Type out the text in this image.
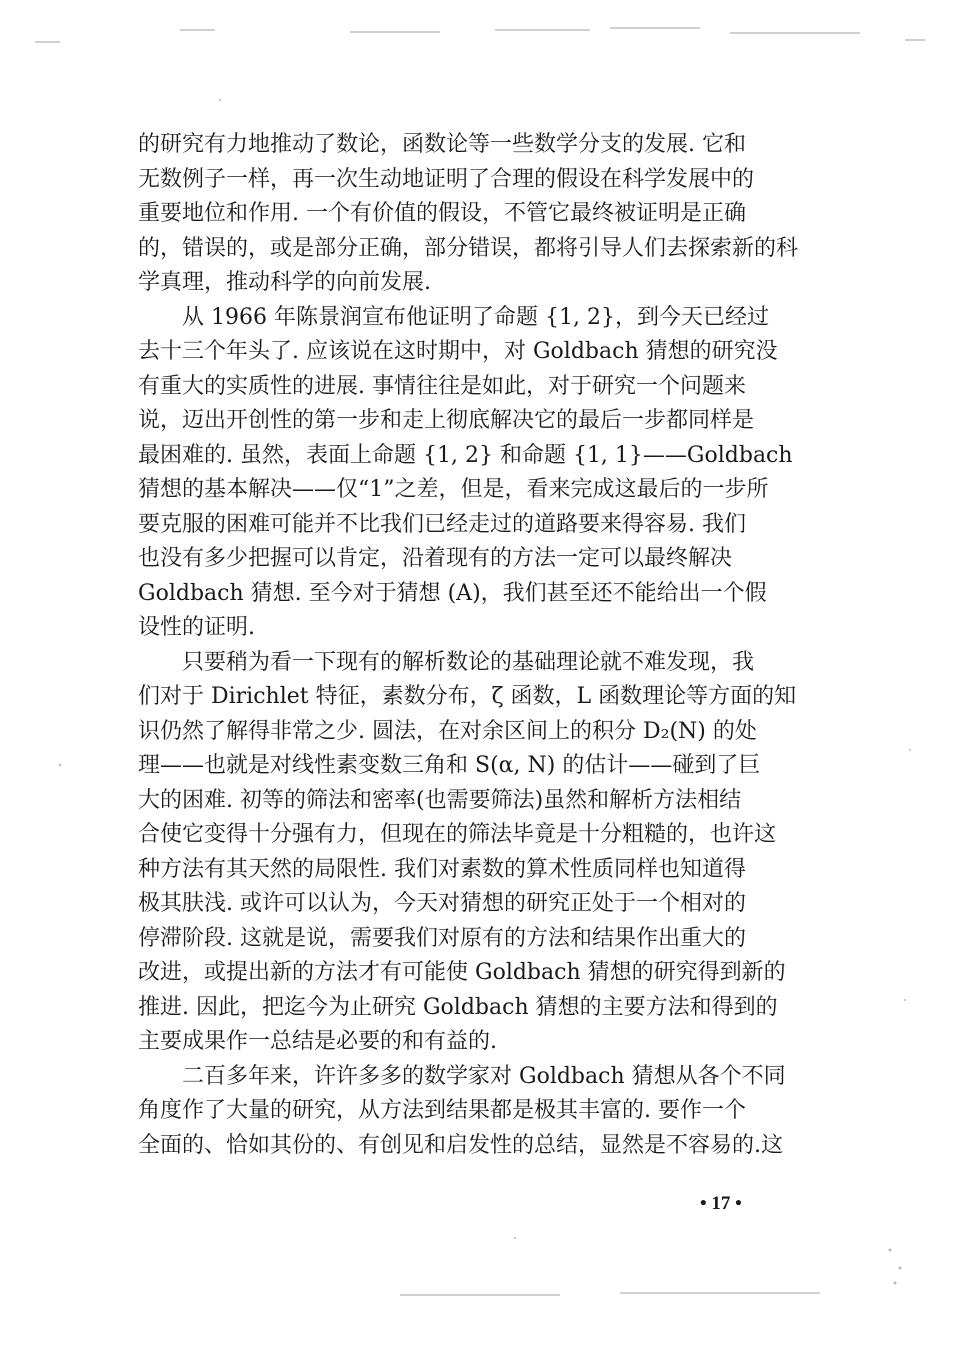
的研究有力地推动了数论，函数论等一些数学分支的发展. 它和
无数例子一样，再一次生动地证明了合理的假设在科学发展中的
重要地位和作用. 一个有价值的假设，不管它最终被证明是正确
的，错误的，或是部分正确，部分错误，都将引导人们去探索新的科
学真理，推动科学的向前发展.
从 1966 年陈景润宣布他证明了命题 {1, 2}，到今天已经过
去十三个年头了. 应该说在这时期中，对 Goldbach 猜想的研究没
有重大的实质性的进展. 事情往往是如此，对于研究一个问题来
说，迈出开创性的第一步和走上彻底解决它的最后一步都同样是
最困难的. 虽然，表面上命题 {1, 2} 和命题 {1, 1}——Goldbach
猜想的基本解决——仅“1”之差，但是，看来完成这最后的一步所
要克服的困难可能并不比我们已经走过的道路要来得容易. 我们
也没有多少把握可以肯定，沿着现有的方法一定可以最终解决
Goldbach 猜想. 至今对于猜想 (A)，我们甚至还不能给出一个假
设性的证明.
只要稍为看一下现有的解析数论的基础理论就不难发现，我
们对于 Dirichlet 特征，素数分布，ζ 函数，L 函数理论等方面的知
识仍然了解得非常之少. 圆法，在对余区间上的积分 D₂(N) 的处
理——也就是对线性素变数三角和 S(α, N) 的估计——碰到了巨
大的困难. 初等的筛法和密率(也需要筛法)虽然和解析方法相结
合使它变得十分强有力，但现在的筛法毕竟是十分粗糙的，也许这
种方法有其天然的局限性. 我们对素数的算术性质同样也知道得
极其肤浅. 或许可以认为，今天对猜想的研究正处于一个相对的
停滞阶段. 这就是说，需要我们对原有的方法和结果作出重大的
改进，或提出新的方法才有可能使 Goldbach 猜想的研究得到新的
推进. 因此，把迄今为止研究 Goldbach 猜想的主要方法和得到的
主要成果作一总结是必要的和有益的.
二百多年来，许许多多的数学家对 Goldbach 猜想从各个不同
角度作了大量的研究，从方法到结果都是极其丰富的. 要作一个
全面的、恰如其份的、有创见和启发性的总结，显然是不容易的.这
• 17 •
